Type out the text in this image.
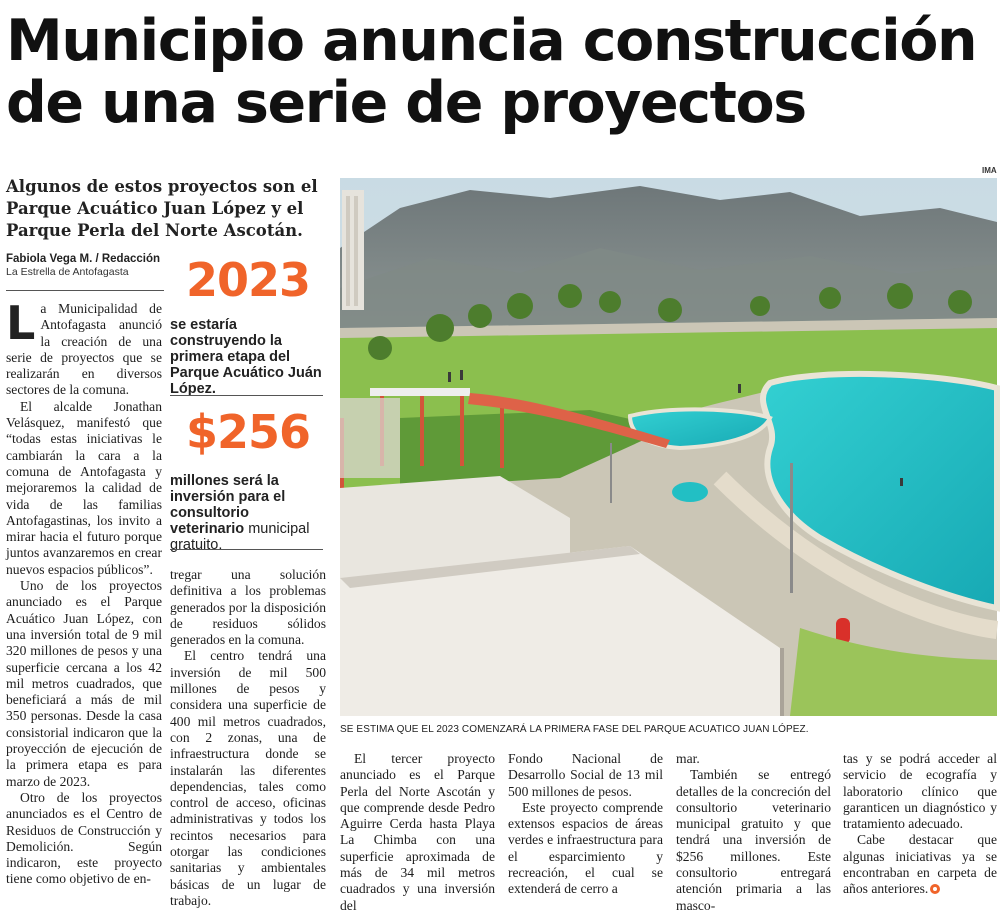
Municipio anuncia construcción de una serie de proyectos
Algunos de estos proyectos son el Parque Acuático Juan López y el Parque Perla del Norte Ascotán.
Fabiola Vega M. / Redacción
La Estrella de Antofagasta

La Municipalidad de Antofagasta anunció la creación de una serie de proyectos que se realizarán en diversos sectores de la comuna.

El alcalde Jonathan Velásquez, manifestó que “todas estas iniciativas le cambiarán la cara a la comuna de Antofagasta y mejoraremos la calidad de vida de las familias Antofagastinas, los invito a mirar hacia el futuro porque juntos avanzaremos en crear nuevos espacios públicos”.

Uno de los proyectos anunciado es el Parque Acuático Juan López, con una inversión total de 9 mil 320 millones de pesos y una superficie cercana a los 42 mil metros cuadrados, que beneficiará a más de mil 350 personas. Desde la casa consistorial indicaron que la proyección de ejecución de la primera etapa es para marzo de 2023.

Otro de los proyectos anunciados es el Centro de Residuos de Construcción y Demolición. Según indicaron, este proyecto tiene como objetivo de en-

2023
se estaría construyendo la primera etapa del Parque Acuático Juán López.
$256
millones será la inversión para el consultorio veterinario municipal gratuito.

tregar una solución definitiva a los problemas generados por la disposición de residuos sólidos generados en la comuna.

El centro tendrá una inversión de mil 500 millones de pesos y considera una superficie de 400 mil metros cuadrados, con 2 zonas, una de infraestructura donde se instalarán las diferentes dependencias, tales como control de acceso, oficinas administrativas y todos los recintos necesarios para otorgar las condiciones sanitarias y ambientales básicas de un lugar de trabajo.

IMA
SE ESTIMA QUE EL 2023 COMENZARÁ LA PRIMERA FASE DEL PARQUE ACUATICO JUAN LÓPEZ.

El tercer proyecto anunciado es el Parque Perla del Norte Ascotán y que comprende desde Pedro Aguirre Cerda hasta Playa La Chimba con una superficie aproximada de más de 34 mil metros cuadrados y una inversión del

Fondo Nacional de Desarrollo Social de 13 mil 500 millones de pesos.

Este proyecto comprende extensos espacios de áreas verdes e infraestructura para el esparcimiento y recreación, el cual se extenderá de cerro a

mar.

También se entregó detalles de la concreción del consultorio veterinario municipal gratuito y que tendrá una inversión de $256 millones. Este consultorio entregará atención primaria a las masco-

tas y se podrá acceder al servicio de ecografía y laboratorio clínico que garanticen un diagnóstico y tratamiento adecuado.

Cabe destacar que algunas iniciativas ya se encontraban en carpeta de años anteriores.
